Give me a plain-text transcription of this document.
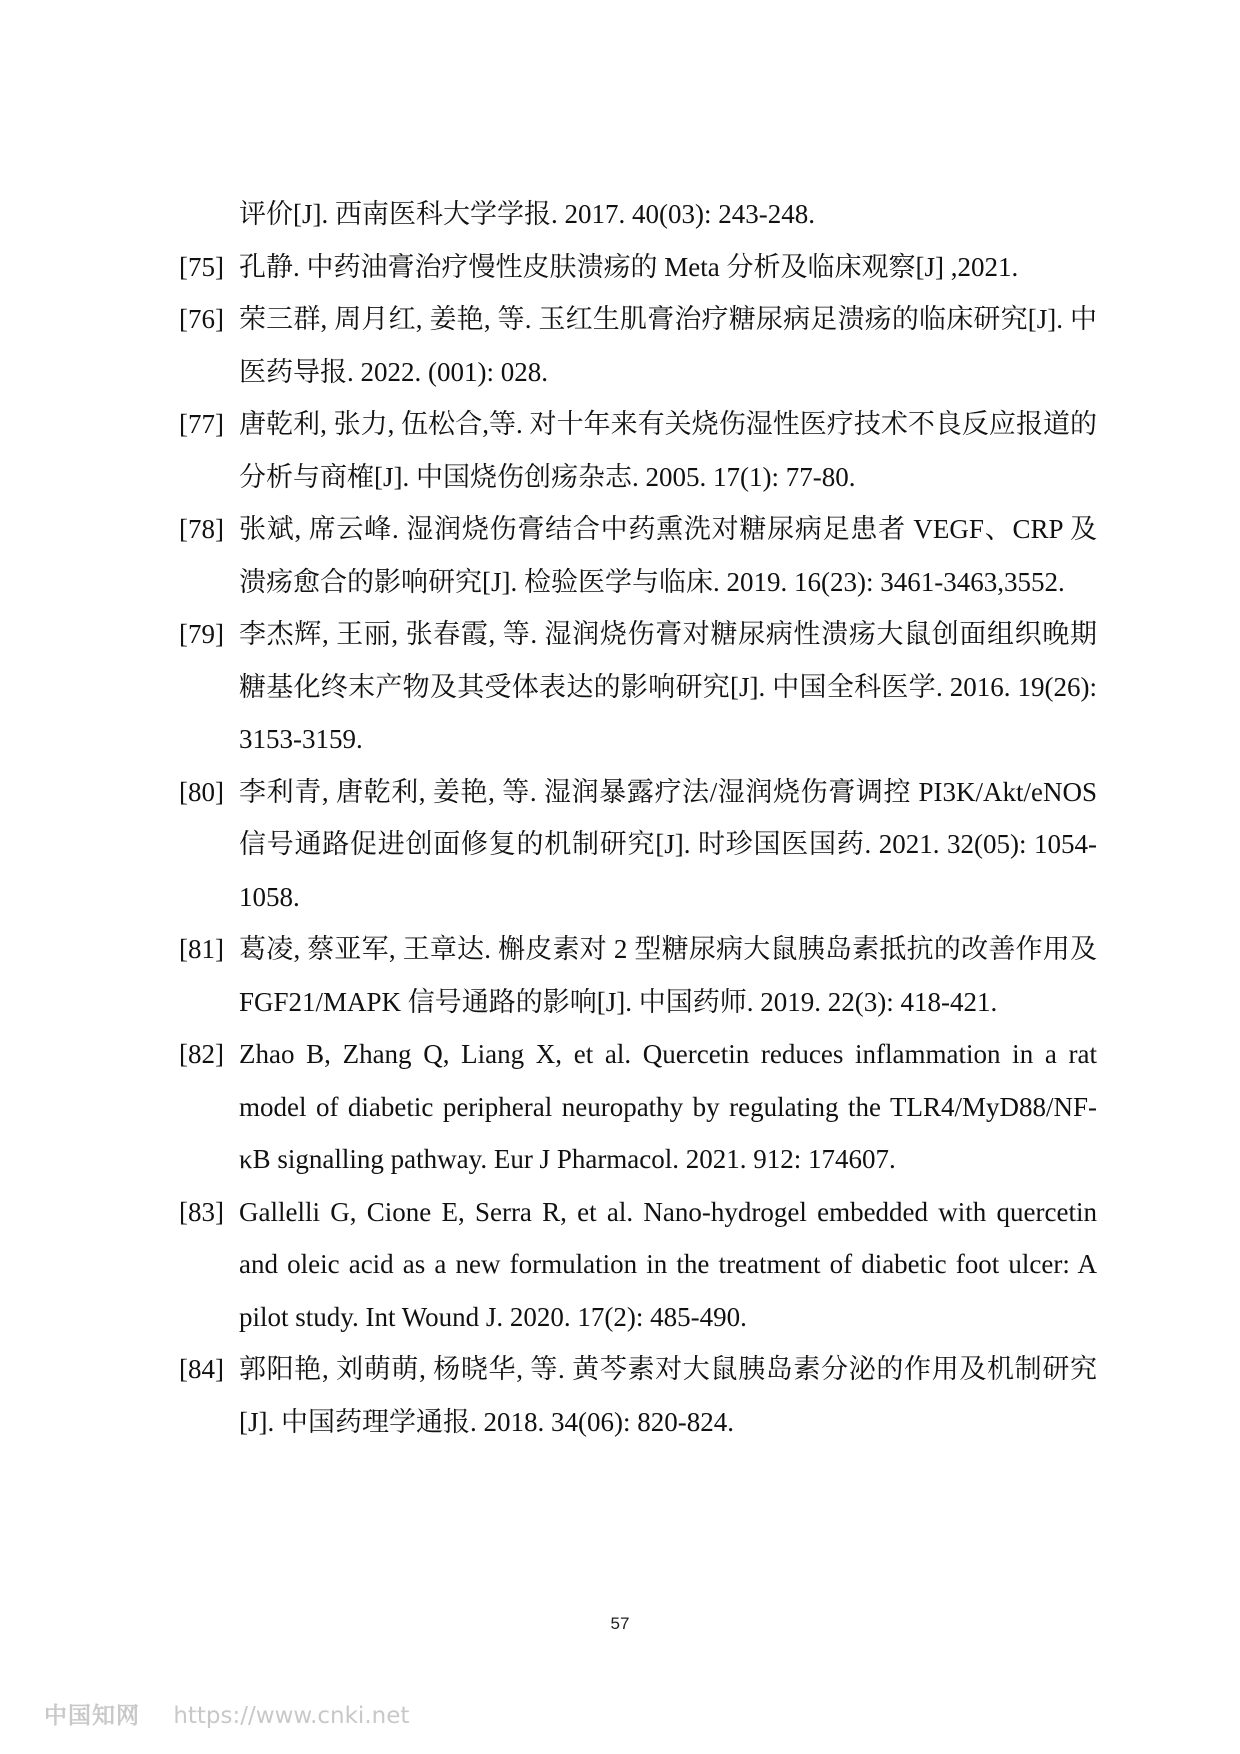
评价[J]. 西南医科大学学报. 2017. 40(03): 243-248.

[75] 孔静. 中药油膏治疗慢性皮肤溃疡的 Meta 分析及临床观察[J] ,2021.
[76] 荣三群, 周月红, 姜艳, 等. 玉红生肌膏治疗糖尿病足溃疡的临床研究[J]. 中医药导报. 2022. (001): 028.
[77] 唐乾利, 张力, 伍松合,等. 对十年来有关烧伤湿性医疗技术不良反应报道的分析与商榷[J]. 中国烧伤创疡杂志. 2005. 17(1): 77-80.
[78] 张斌, 席云峰. 湿润烧伤膏结合中药熏洗对糖尿病足患者 VEGF、CRP 及溃疡愈合的影响研究[J]. 检验医学与临床. 2019. 16(23): 3461-3463,3552.
[79] 李杰辉, 王丽, 张春霞, 等. 湿润烧伤膏对糖尿病性溃疡大鼠创面组织晚期糖基化终末产物及其受体表达的影响研究[J]. 中国全科医学. 2016. 19(26): 3153-3159.
[80] 李利青, 唐乾利, 姜艳, 等. 湿润暴露疗法/湿润烧伤膏调控 PI3K/Akt/eNOS 信号通路促进创面修复的机制研究[J]. 时珍国医国药. 2021. 32(05): 1054-1058.
[81] 葛凌, 蔡亚军, 王章达. 槲皮素对 2 型糖尿病大鼠胰岛素抵抗的改善作用及 FGF21/MAPK 信号通路的影响[J]. 中国药师. 2019. 22(3): 418-421.
[82] Zhao B, Zhang Q, Liang X, et al. Quercetin reduces inflammation in a rat model of diabetic peripheral neuropathy by regulating the TLR4/MyD88/NF-κB signalling pathway. Eur J Pharmacol. 2021. 912: 174607.
[83] Gallelli G, Cione E, Serra R, et al. Nano-hydrogel embedded with quercetin and oleic acid as a new formulation in the treatment of diabetic foot ulcer: A pilot study. Int Wound J. 2020. 17(2): 485-490.
[84] 郭阳艳, 刘萌萌, 杨晓华, 等. 黄芩素对大鼠胰岛素分泌的作用及机制研究[J]. 中国药理学通报. 2018. 34(06): 820-824.
57
中国知网 https://www.cnki.net
